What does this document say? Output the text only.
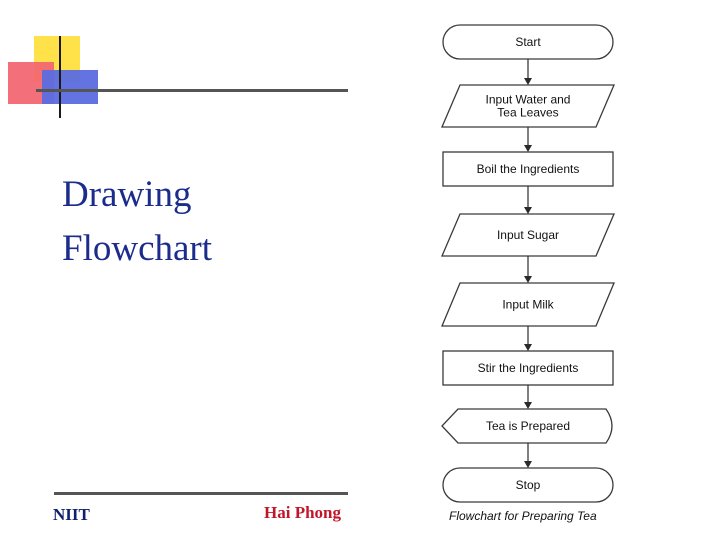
Drawing
Flowchart
NIIT	Hai Phong
Start
Input Water and
Tea Leaves
Boil the Ingredients
Input Sugar
Input Milk
Stir the Ingredients
Tea is Prepared
Stop
Flowchart for Preparing Tea
